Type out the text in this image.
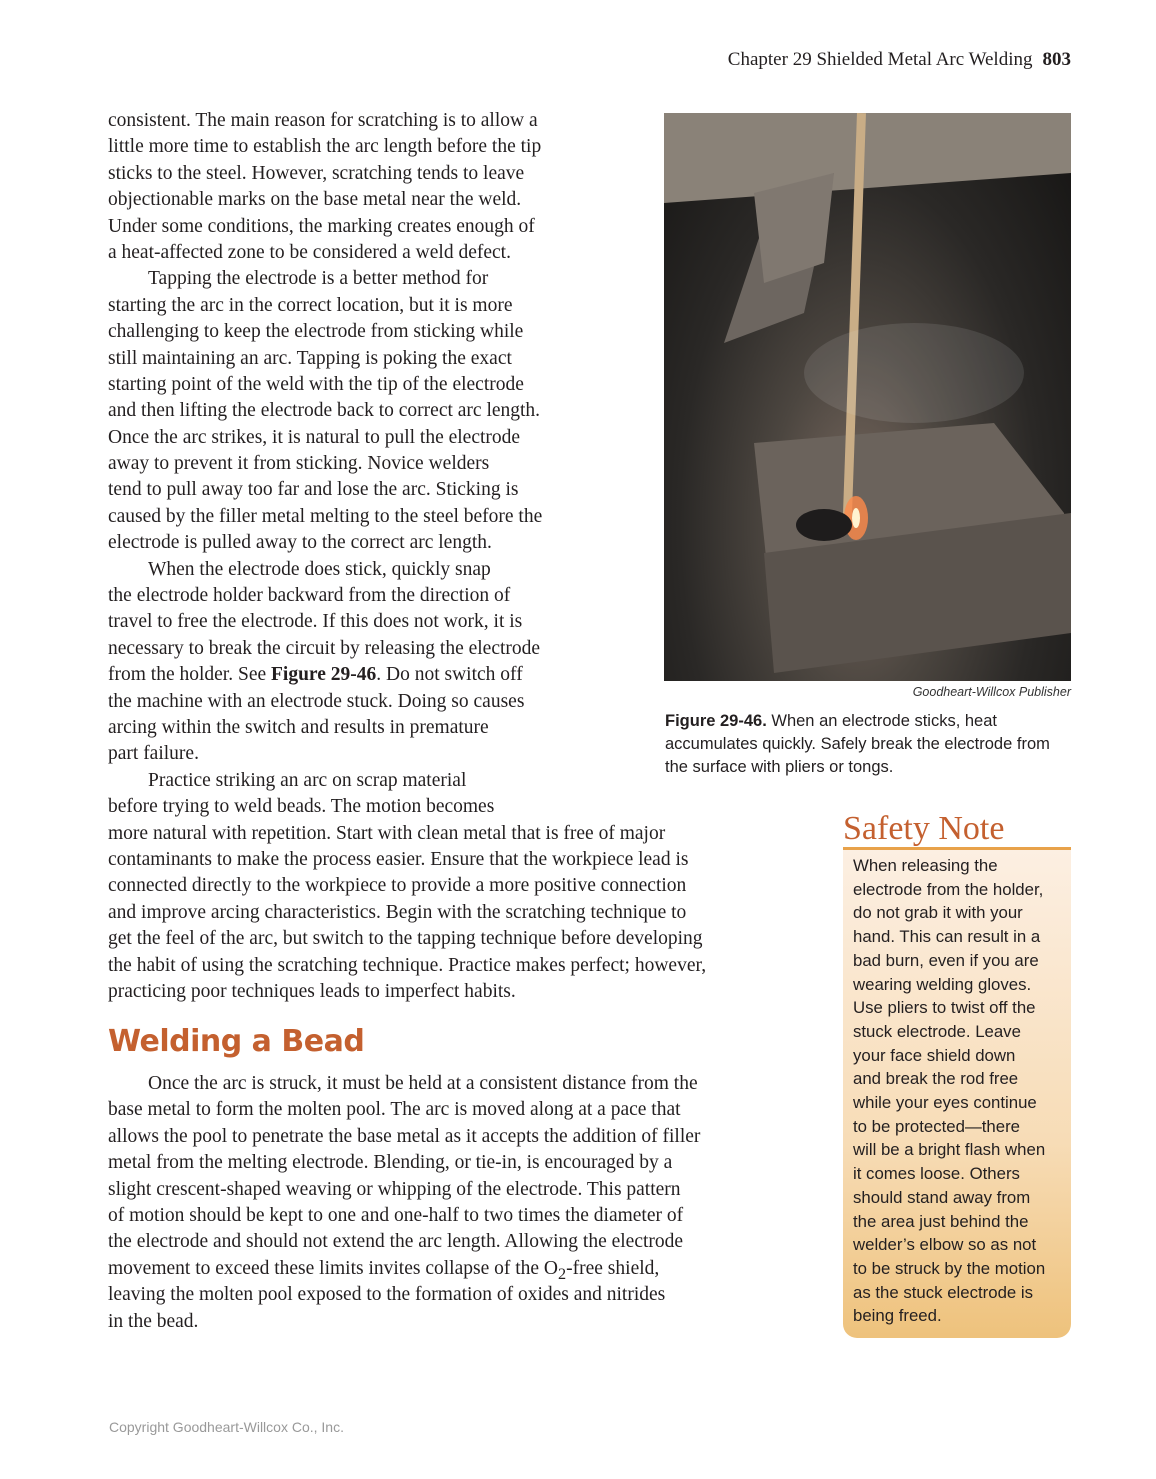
Chapter 29 Shielded Metal Arc Welding 803
consistent. The main reason for scratching is to allow a
little more time to establish the arc length before the tip
sticks to the steel. However, scratching tends to leave
objectionable marks on the base metal near the weld.
Under some conditions, the marking creates enough of
a heat-affected zone to be considered a weld defect.
Tapping the electrode is a better method for
starting the arc in the correct location, but it is more
challenging to keep the electrode from sticking while
still maintaining an arc. Tapping is poking the exact
starting point of the weld with the tip of the electrode
and then lifting the electrode back to correct arc length.
Once the arc strikes, it is natural to pull the electrode
away to prevent it from sticking. Novice welders
tend to pull away too far and lose the arc. Sticking is
caused by the filler metal melting to the steel before the
electrode is pulled away to the correct arc length.
When the electrode does stick, quickly snap
the electrode holder backward from the direction of
travel to free the electrode. If this does not work, it is
necessary to break the circuit by releasing the electrode
from the holder. See Figure 29-46. Do not switch off
the machine with an electrode stuck. Doing so causes
arcing within the switch and results in premature
part failure.
Practice striking an arc on scrap material
before trying to weld beads. The motion becomes
more natural with repetition. Start with clean metal that is free of major
contaminants to make the process easier. Ensure that the workpiece lead is
connected directly to the workpiece to provide a more positive connection
and improve arcing characteristics. Begin with the scratching technique to
get the feel of the arc, but switch to the tapping technique before developing
the habit of using the scratching technique. Practice makes perfect; however,
practicing poor techniques leads to imperfect habits.
Welding a Bead
Once the arc is struck, it must be held at a consistent distance from the
base metal to form the molten pool. The arc is moved along at a pace that
allows the pool to penetrate the base metal as it accepts the addition of filler
metal from the melting electrode. Blending, or tie-in, is encouraged by a
slight crescent-shaped weaving or whipping of the electrode. This pattern
of motion should be kept to one and one-half to two times the diameter of
the electrode and should not extend the arc length. Allowing the electrode
movement to exceed these limits invites collapse of the $O_2$-free shield,
leaving the molten pool exposed to the formation of oxides and nitrides
in the bead.
Goodheart-Willcox Publisher
Figure 29-46. When an electrode sticks, heat accumulates quickly. Safely break the electrode from the surface with pliers or tongs.
Safety Note
When releasing the
electrode from the holder,
do not grab it with your
hand. This can result in a
bad burn, even if you are
wearing welding gloves.
Use pliers to twist off the
stuck electrode. Leave
your face shield down
and break the rod free
while your eyes continue
to be protected—there
will be a bright flash when
it comes loose. Others
should stand away from
the area just behind the
welder’s elbow so as not
to be struck by the motion
as the stuck electrode is
being freed.
Copyright Goodheart-Willcox Co., Inc.
